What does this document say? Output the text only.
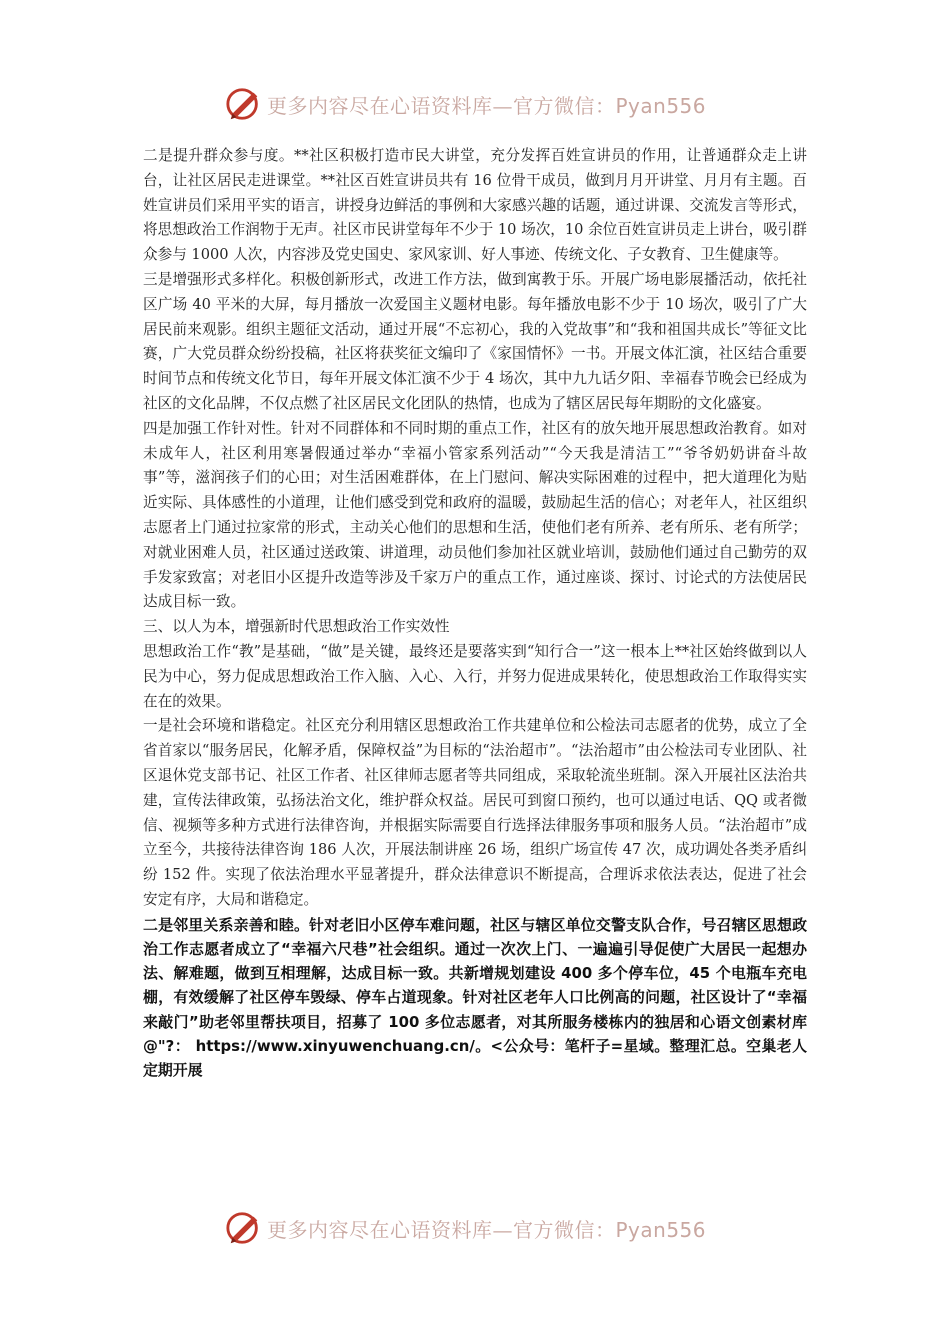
更多内容尽在心语资料库—官方微信：Pyan556

二是提升群众参与度。**社区积极打造市民大讲堂，充分发挥百姓宣讲员的作用，让普通群众走上讲台，让社区居民走进课堂。**社区百姓宣讲员共有 16 位骨干成员，做到月月开讲堂、月月有主题。百姓宣讲员们采用平实的语言，讲授身边鲜活的事例和大家感兴趣的话题，通过讲课、交流发言等形式，将思想政治工作润物于无声。社区市民讲堂每年不少于 10 场次，10 余位百姓宣讲员走上讲台，吸引群众参与 1000 人次，内容涉及党史国史、家风家训、好人事迹、传统文化、子女教育、卫生健康等。

三是增强形式多样化。积极创新形式，改进工作方法，做到寓教于乐。开展广场电影展播活动，依托社区广场 40 平米的大屏，每月播放一次爱国主义题材电影。每年播放电影不少于 10 场次，吸引了广大居民前来观影。组织主题征文活动，通过开展“不忘初心，我的入党故事”和“我和祖国共成长”等征文比赛，广大党员群众纷纷投稿，社区将获奖征文编印了《家国情怀》一书。开展文体汇演，社区结合重要时间节点和传统文化节日，每年开展文体汇演不少于 4 场次，其中九九话夕阳、幸福春节晚会已经成为社区的文化品牌，不仅点燃了社区居民文化团队的热情，也成为了辖区居民每年期盼的文化盛宴。

四是加强工作针对性。针对不同群体和不同时期的重点工作，社区有的放矢地开展思想政治教育。如对未成年人，社区利用寒暑假通过举办“幸福小管家系列活动”“今天我是清洁工”“爷爷奶奶讲奋斗故事”等，滋润孩子们的心田；对生活困难群体，在上门慰问、解决实际困难的过程中，把大道理化为贴近实际、具体感性的小道理，让他们感受到党和政府的温暖，鼓励起生活的信心；对老年人，社区组织志愿者上门通过拉家常的形式，主动关心他们的思想和生活，使他们老有所养、老有所乐、老有所学；对就业困难人员，社区通过送政策、讲道理，动员他们参加社区就业培训，鼓励他们通过自己勤劳的双手发家致富；对老旧小区提升改造等涉及千家万户的重点工作，通过座谈、探讨、讨论式的方法使居民达成目标一致。

三、以人为本，增强新时代思想政治工作实效性

思想政治工作“教”是基础，“做”是关键，最终还是要落实到“知行合一”这一根本上**社区始终做到以人民为中心，努力促成思想政治工作入脑、入心、入行，并努力促进成果转化，使思想政治工作取得实实在在的效果。

一是社会环境和谐稳定。社区充分利用辖区思想政治工作共建单位和公检法司志愿者的优势，成立了全省首家以“服务居民，化解矛盾，保障权益”为目标的“法治超市”。“法治超市”由公检法司专业团队、社区退休党支部书记、社区工作者、社区律师志愿者等共同组成，采取轮流坐班制。深入开展社区法治共建，宣传法律政策，弘扬法治文化，维护群众权益。居民可到窗口预约，也可以通过电话、QQ 或者微信、视频等多种方式进行法律咨询，并根据实际需要自行选择法律服务事项和服务人员。“法治超市”成立至今，共接待法律咨询 186 人次，开展法制讲座 26 场，组织广场宣传 47 次，成功调处各类矛盾纠纷 152 件。实现了依法治理水平显著提升，群众法律意识不断提高，合理诉求依法表达，促进了社会安定有序，大局和谐稳定。

二是邻里关系亲善和睦。针对老旧小区停车难问题，社区与辖区单位交警支队合作，号召辖区思想政治工作志愿者成立了“幸福六尺巷”社会组织。通过一次次上门、一遍遍引导促使广大居民一起想办法、解难题，做到互相理解，达成目标一致。共新增规划建设 400 多个停车位，45 个电瓶车充电棚，有效缓解了社区停车毁绿、停车占道现象。针对社区老年人口比例高的问题，社区设计了“幸福来敲门”助老邻里帮扶项目，招募了 100 多位志愿者，对其所服务楼栋内的独居和心语文创素材库@"?： https://www.xinyuwenchuang.cn/。<公众号：笔杆子=星域。整理汇总。空巢老人定期开展

更多内容尽在心语资料库—官方微信：Pyan556
